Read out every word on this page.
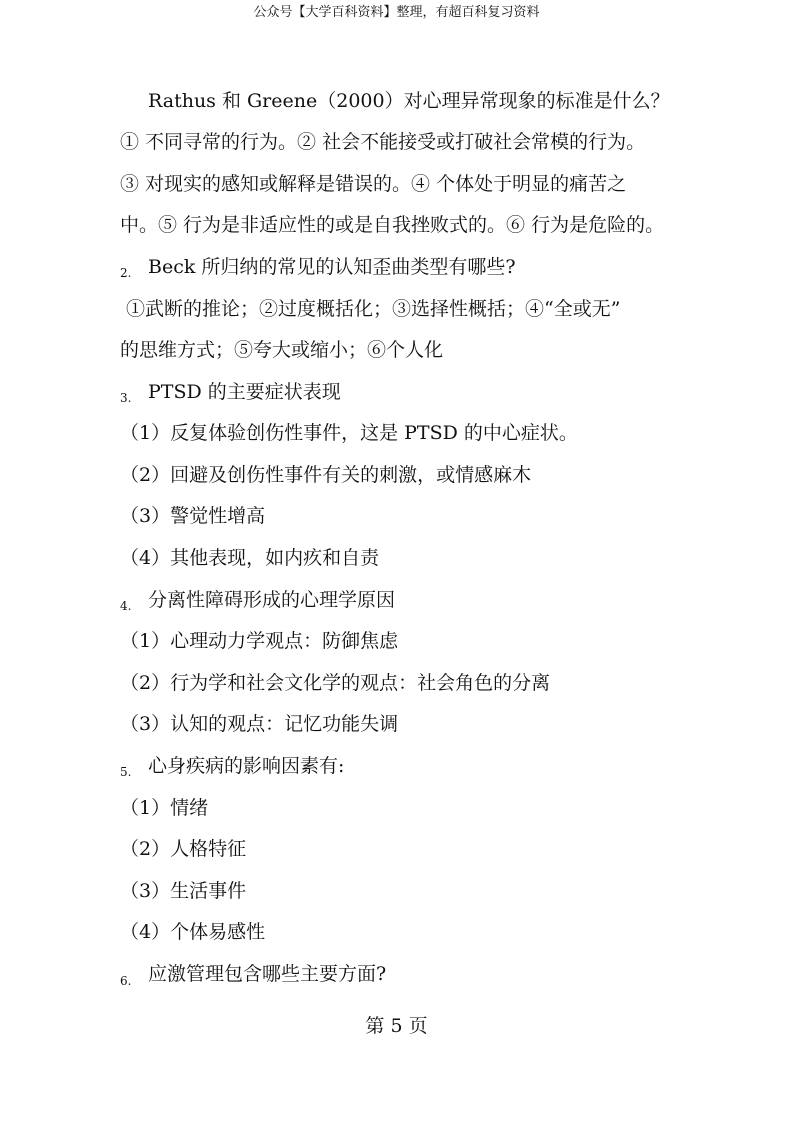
公众号【大学百科资料】整理，有超百科复习资料
Rathus 和 Greene（2000）对心理异常现象的标准是什么？
① 不同寻常的行为。② 社会不能接受或打破社会常模的行为。
③ 对现实的感知或解释是错误的。④ 个体处于明显的痛苦之
中。⑤ 行为是非适应性的或是自我挫败式的。⑥ 行为是危险的。
2. Beck 所归纳的常见的认知歪曲类型有哪些?
①武断的推论；②过度概括化；③选择性概括；④“全或无”
的思维方式；⑤夸大或缩小；⑥个人化
3. PTSD 的主要症状表现
（1）反复体验创伤性事件，这是 PTSD 的中心症状。
（2）回避及创伤性事件有关的刺激，或情感麻木
（3）警觉性增高
（4）其他表现，如内疚和自责
4. 分离性障碍形成的心理学原因
（1）心理动力学观点：防御焦虑
（2）行为学和社会文化学的观点：社会角色的分离
（3）认知的观点：记忆功能失调
5. 心身疾病的影响因素有:
（1）情绪
（2）人格特征
（3）生活事件
（4）个体易感性
6. 应激管理包含哪些主要方面?
第 5 页
